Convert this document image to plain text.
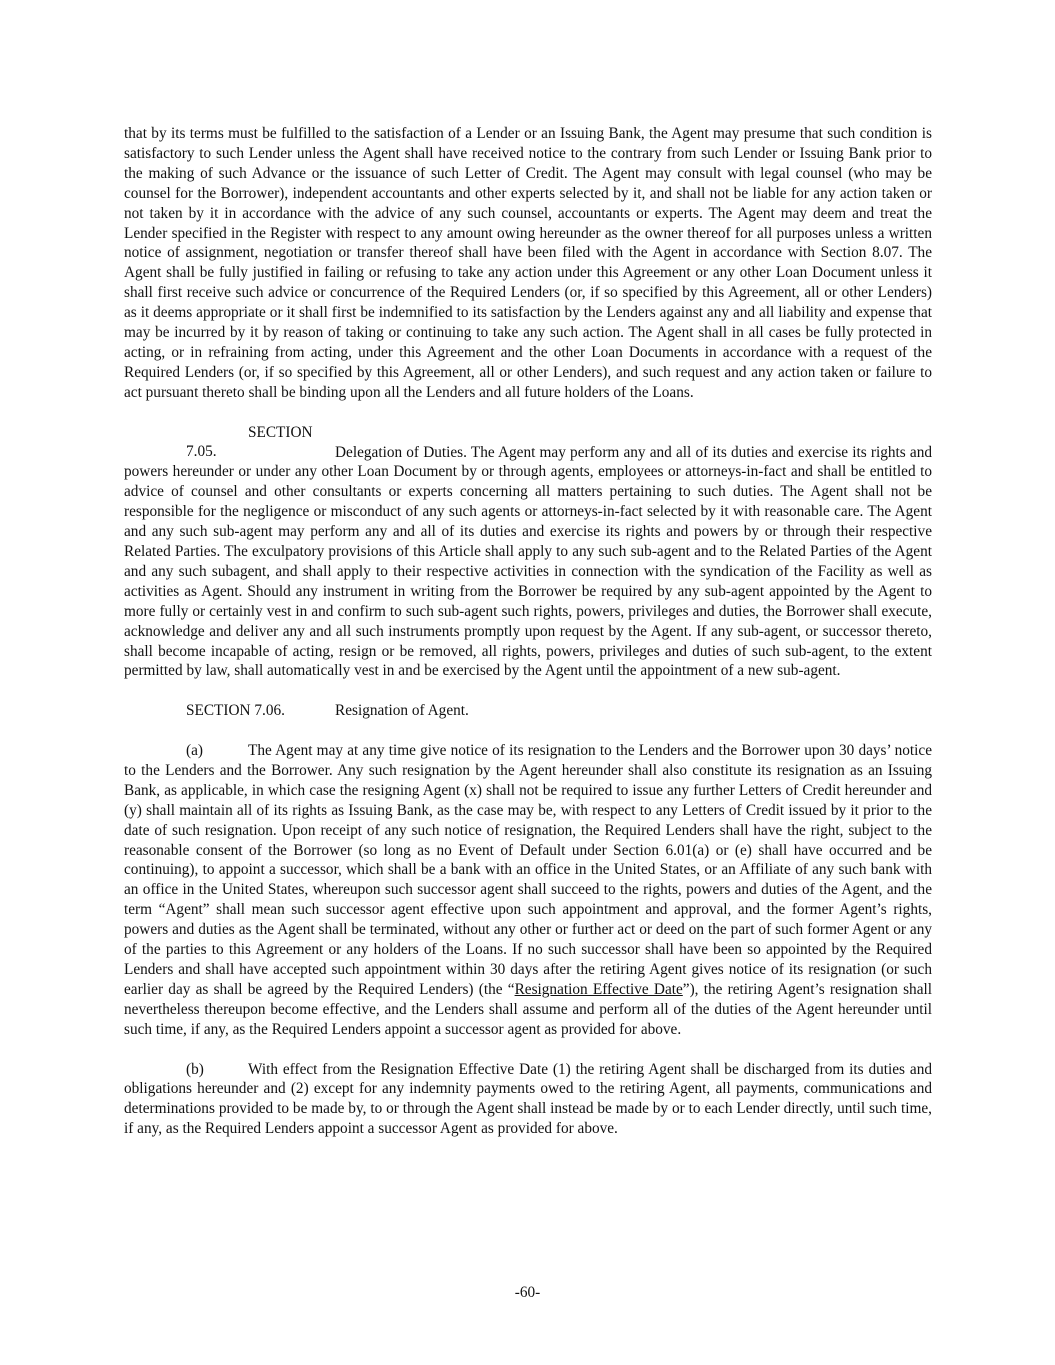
that by its terms must be fulfilled to the satisfaction of a Lender or an Issuing Bank, the Agent may presume that such condition is satisfactory to such Lender unless the Agent shall have received notice to the contrary from such Lender or Issuing Bank prior to the making of such Advance or the issuance of such Letter of Credit. The Agent may consult with legal counsel (who may be counsel for the Borrower), independent accountants and other experts selected by it, and shall not be liable for any action taken or not taken by it in accordance with the advice of any such counsel, accountants or experts. The Agent may deem and treat the Lender specified in the Register with respect to any amount owing hereunder as the owner thereof for all purposes unless a written notice of assignment, negotiation or transfer thereof shall have been filed with the Agent in accordance with Section 8.07. The Agent shall be fully justified in failing or refusing to take any action under this Agreement or any other Loan Document unless it shall first receive such advice or concurrence of the Required Lenders (or, if so specified by this Agreement, all or other Lenders) as it deems appropriate or it shall first be indemnified to its satisfaction by the Lenders against any and all liability and expense that may be incurred by it by reason of taking or continuing to take any such action. The Agent shall in all cases be fully protected in acting, or in refraining from acting, under this Agreement and the other Loan Documents in accordance with a request of the Required Lenders (or, if so specified by this Agreement, all or other Lenders), and such request and any action taken or failure to act pursuant thereto shall be binding upon all the Lenders and all future holders of the Loans.

SECTION 7.05.	Delegation of Duties. The Agent may perform any and all of its duties and exercise its rights and powers hereunder or under any other Loan Document by or through agents, employees or attorneys-in-fact and shall be entitled to advice of counsel and other consultants or experts concerning all matters pertaining to such duties. The Agent shall not be responsible for the negligence or misconduct of any such agents or attorneys-in-fact selected by it with reasonable care. The Agent and any such sub-agent may perform any and all of its duties and exercise its rights and powers by or through their respective Related Parties. The exculpatory provisions of this Article shall apply to any such sub-agent and to the Related Parties of the Agent and any such subagent, and shall apply to their respective activities in connection with the syndication of the Facility as well as activities as Agent. Should any instrument in writing from the Borrower be required by any sub-agent appointed by the Agent to more fully or certainly vest in and confirm to such sub-agent such rights, powers, privileges and duties, the Borrower shall execute, acknowledge and deliver any and all such instruments promptly upon request by the Agent. If any sub-agent, or successor thereto, shall become incapable of acting, resign or be removed, all rights, powers, privileges and duties of such sub-agent, to the extent permitted by law, shall automatically vest in and be exercised by the Agent until the appointment of a new sub-agent.

SECTION 7.06.	Resignation of Agent.

(a)	The Agent may at any time give notice of its resignation to the Lenders and the Borrower upon 30 days’ notice to the Lenders and the Borrower. Any such resignation by the Agent hereunder shall also constitute its resignation as an Issuing Bank, as applicable, in which case the resigning Agent (x) shall not be required to issue any further Letters of Credit hereunder and (y) shall maintain all of its rights as Issuing Bank, as the case may be, with respect to any Letters of Credit issued by it prior to the date of such resignation. Upon receipt of any such notice of resignation, the Required Lenders shall have the right, subject to the reasonable consent of the Borrower (so long as no Event of Default under Section 6.01(a) or (e) shall have occurred and be continuing), to appoint a successor, which shall be a bank with an office in the United States, or an Affiliate of any such bank with an office in the United States, whereupon such successor agent shall succeed to the rights, powers and duties of the Agent, and the term “Agent” shall mean such successor agent effective upon such appointment and approval, and the former Agent’s rights, powers and duties as the Agent shall be terminated, without any other or further act or deed on the part of such former Agent or any of the parties to this Agreement or any holders of the Loans. If no such successor shall have been so appointed by the Required Lenders and shall have accepted such appointment within 30 days after the retiring Agent gives notice of its resignation (or such earlier day as shall be agreed by the Required Lenders) (the “Resignation Effective Date”), the retiring Agent’s resignation shall nevertheless thereupon become effective, and the Lenders shall assume and perform all of the duties of the Agent hereunder until such time, if any, as the Required Lenders appoint a successor agent as provided for above.

(b)	With effect from the Resignation Effective Date (1) the retiring Agent shall be discharged from its duties and obligations hereunder and (2) except for any indemnity payments owed to the retiring Agent, all payments, communications and determinations provided to be made by, to or through the Agent shall instead be made by or to each Lender directly, until such time, if any, as the Required Lenders appoint a successor Agent as provided for above.

-60-
